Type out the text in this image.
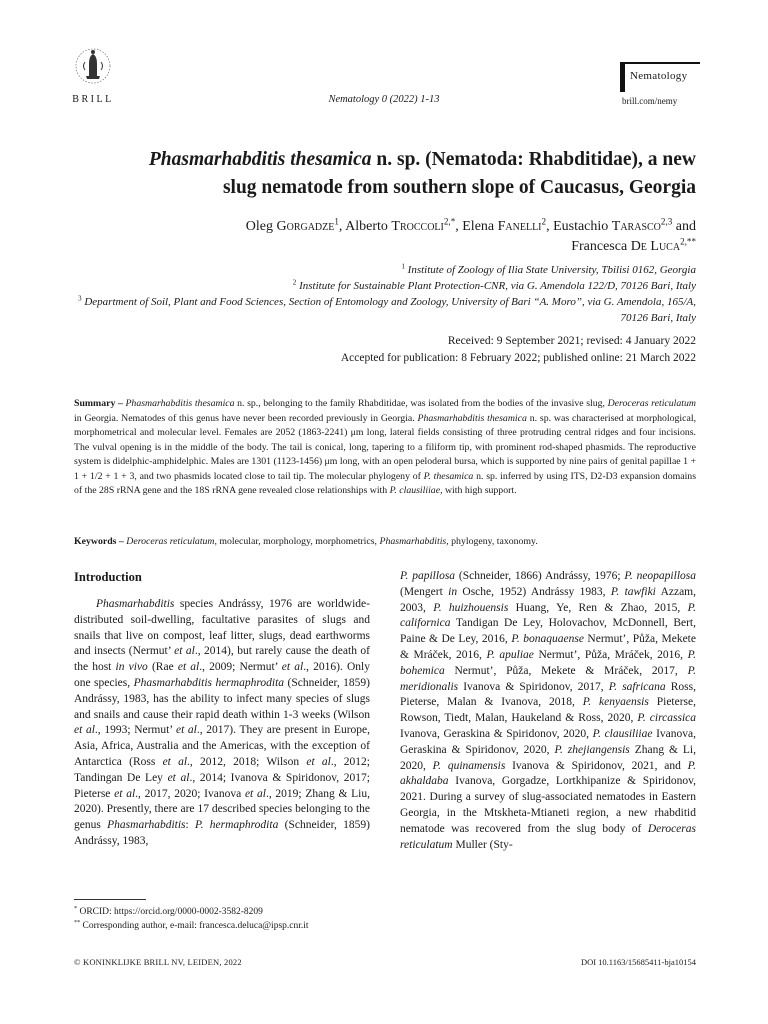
BRILL	Nematology 0 (2022) 1-13
Nematology
brill.com/nemy
Phasmarhabditis thesamica n. sp. (Nematoda: Rhabditidae), a new
slug nematode from southern slope of Caucasus, Georgia
Oleg Gorgadze$^1$, Alberto Troccoli$^{2,*}$, Elena Fanelli$^2$, Eustachio Tarasco$^{2,3}$ and
Francesca De Luca$^{2,**}$
$^1$ Institute of Zoology of Ilia State University, Tbilisi 0162, Georgia
$^2$ Institute for Sustainable Plant Protection-CNR, via G. Amendola 122/D, 70126 Bari, Italy
$^3$ Department of Soil, Plant and Food Sciences, Section of Entomology and Zoology, University of Bari “A. Moro”, via G. Amendola, 165/A, 70126 Bari, Italy
Received: 9 September 2021; revised: 4 January 2022
Accepted for publication: 8 February 2022; published online: 21 March 2022
Summary – Phasmarhabditis thesamica n. sp., belonging to the family Rhabditidae, was isolated from the bodies of the invasive slug, Deroceras reticulatum in Georgia. Nematodes of this genus have never been recorded previously in Georgia. Phasmarhabditis thesamica n. sp. was characterised at morphological, morphometrical and molecular level. Females are 2052 (1863-2241) μm long, lateral fields consisting of three protruding central ridges and four incisions. The vulval opening is in the middle of the body. The tail is conical, long, tapering to a filiform tip, with prominent rod-shaped phasmids. The reproductive system is didelphic-amphidelphic. Males are 1301 (1123-1456) μm long, with an open peloderal bursa, which is supported by nine pairs of genital papillae 1 + 1 + 1/2 + 1 + 3, and two phasmids located close to tail tip. The molecular phylogeny of P. thesamica n. sp. inferred by using ITS, D2-D3 expansion domains of the 28S rRNA gene and the 18S rRNA gene revealed close relationships with P. clausiliiae, with high support.
Keywords – Deroceras reticulatum, molecular, morphology, morphometrics, Phasmarhabditis, phylogeny, taxonomy.
Introduction

Phasmarhabditis species Andrássy, 1976 are worldwide-distributed soil-dwelling, facultative parasites of slugs and snails that live on compost, leaf litter, slugs, dead earthworms and insects (Nermut’ et al., 2014), but rarely cause the death of the host in vivo (Rae et al., 2009; Nermut’ et al., 2016). Only one species, Phasmarhabditis hermaphrodita (Schneider, 1859) Andrássy, 1983, has the ability to infect many species of slugs and snails and cause their rapid death within 1-3 weeks (Wilson et al., 1993; Nermut’ et al., 2017). They are present in Europe, Asia, Africa, Australia and the Americas, with the exception of Antarctica (Ross et al., 2012, 2018; Wilson et al., 2012; Tandingan De Ley et al., 2014; Ivanova & Spiridonov, 2017; Pieterse et al., 2017, 2020; Ivanova et al., 2019; Zhang & Liu, 2020). Presently, there are 17 described species belonging to the genus Phasmarhabditis: P. hermaphrodita (Schneider, 1859) Andrássy, 1983,

P. papillosa (Schneider, 1866) Andrássy, 1976; P. neopapillosa (Mengert in Osche, 1952) Andrássy 1983, P. tawfiki Azzam, 2003, P. huizhouensis Huang, Ye, Ren & Zhao, 2015, P. californica Tandigan De Ley, Holovachov, McDonnell, Bert, Paine & De Ley, 2016, P. bonaquaense Nermut’, Půža, Mekete & Mráček, 2016, P. apuliae Nermut’, Půža, Mráček, 2016, P. bohemica Nermut’, Půža, Mekete & Mráček, 2017, P. meridionalis Ivanova & Spiridonov, 2017, P. safricana Ross, Pieterse, Malan & Ivanova, 2018, P. kenyaensis Pieterse, Rowson, Tiedt, Malan, Haukeland & Ross, 2020, P. circassica Ivanova, Geraskina & Spiridonov, 2020, P. clausiliiae Ivanova, Geraskina & Spiridonov, 2020, P. zhejiangensis Zhang & Li, 2020, P. quinamensis Ivanova & Spiridonov, 2021, and P. akhaldaba Ivanova, Gorgadze, Lortkhipanize & Spiridonov, 2021. During a survey of slug-associated nematodes in Eastern Georgia, in the Mtskheta-Mtianeti region, a new rhabditid nematode was recovered from the slug body of Deroceras reticulatum Muller (Sty-

* ORCID: https://orcid.org/0000-0002-3582-8209
** Corresponding author, e-mail: francesca.deluca@ipsp.cnr.it
© KONINKLIJKE BRILL NV, LEIDEN, 2022	DOI 10.1163/15685411-bja10154
